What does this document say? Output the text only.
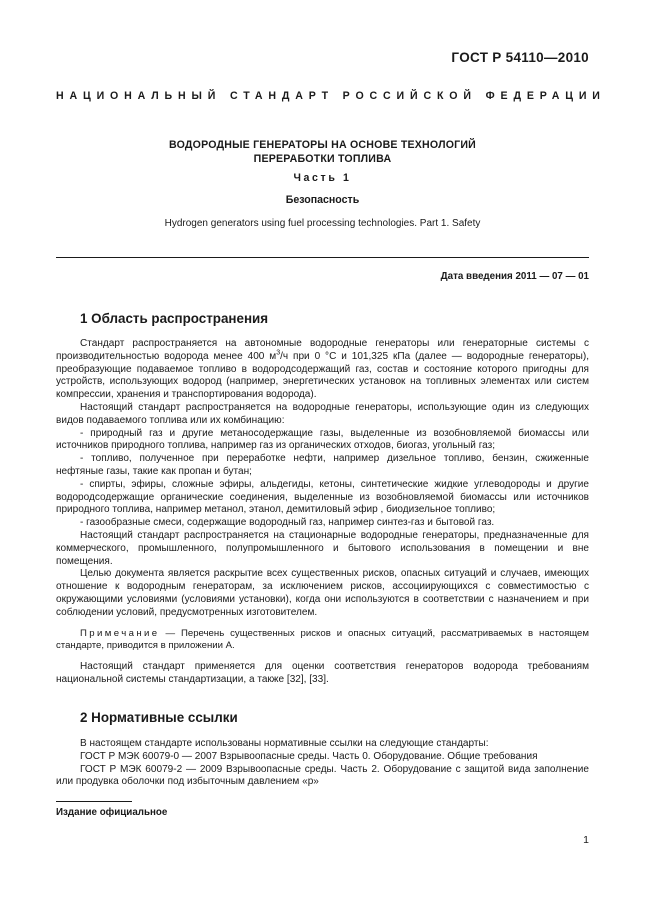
ГОСТ Р 54110—2010
НАЦИОНАЛЬНЫЙ СТАНДАРТ РОССИЙСКОЙ ФЕДЕРАЦИИ
ВОДОРОДНЫЕ ГЕНЕРАТОРЫ НА ОСНОВЕ ТЕХНОЛОГИЙ
ПЕРЕРАБОТКИ ТОПЛИВА
Часть 1
Безопасность
Hydrogen generators using fuel processing technologies. Part 1. Safety
Дата введения 2011 — 07 — 01
1 Область распространения

Стандарт распространяется на автономные водородные генераторы или генераторные системы с производительностью водорода менее 400 $м^3/ч$ при 0 °С и 101,325 кПа (далее — водородные генераторы), преобразующие подаваемое топливо в водородсодержащий газ, состав и состояние которого пригодны для устройств, использующих водород (например, энергетических установок на топливных элементах или систем компрессии, хранения и транспортирования водорода).

Настоящий стандарт распространяется на водородные генераторы, использующие один из следующих видов подаваемого топлива или их комбинацию:

- природный газ и другие метаносодержащие газы, выделенные из возобновляемой биомассы или источников природного топлива, например газ из органических отходов, биогаз, угольный газ;

- топливо, полученное при переработке нефти, например дизельное топливо, бензин, сжиженные нефтяные газы, такие как пропан и бутан;

- спирты, эфиры, сложные эфиры, альдегиды, кетоны, синтетические жидкие углеводороды и другие водородсодержащие органические соединения, выделенные из возобновляемой биомассы или источников природного топлива, например метанол, этанол, демитиловый эфир , биодизельное топливо;

- газообразные смеси, содержащие водородный газ, например синтез-газ и бытовой газ.

Настоящий стандарт распространяется на стационарные водородные генераторы, предназначенные для коммерческого, промышленного, полупромышленного и бытового использования в помещении и вне помещения.

Целью документа является раскрытие всех существенных рисков, опасных ситуаций и случаев, имеющих отношение к водородным генераторам, за исключением рисков, ассоциирующихся с совместимостью с окружающими условиями (условиями установки), когда они используются в соответствии с назначением и при соблюдении условий, предусмотренных изготовителем.

Примечание — Перечень существенных рисков и опасных ситуаций, рассматриваемых в настоящем стандарте, приводится в приложении А.

Настоящий стандарт применяется для оценки соответствия генераторов водорода требованиям национальной системы стандартизации, а также [32], [33].

2 Нормативные ссылки

В настоящем стандарте использованы нормативные ссылки на следующие стандарты:

ГОСТ Р МЭК 60079-0 — 2007 Взрывоопасные среды. Часть 0. Оборудование. Общие требования

ГОСТ Р МЭК 60079-2 — 2009 Взрывоопасные среды. Часть 2. Оборудование с защитой вида заполнение или продувка оболочки под избыточным давлением «р»

Издание официальное
1
